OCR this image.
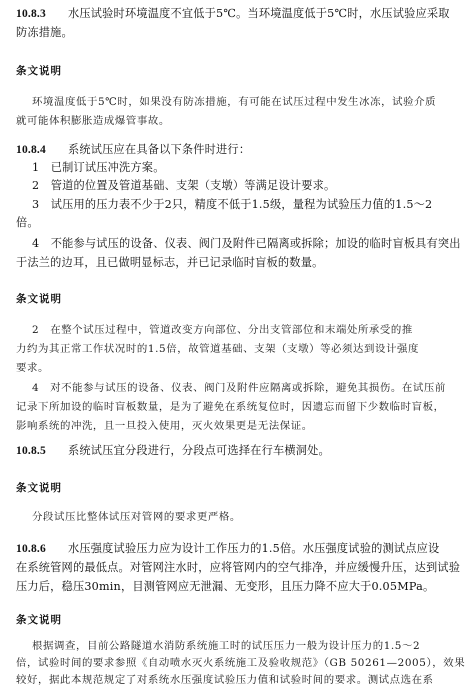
10.8.3 水压试验时环境温度不宜低于5℃。当环境温度低于5℃时，水压试验应采取
防冻措施。
条文说明
环境温度低于5℃时，如果没有防冻措施，有可能在试压过程中发生冰冻，试验介质
就可能体积膨胀造成爆管事故。
10.8.4 系统试压应在具备以下条件时进行：
1　已制订试压冲洗方案。
2　管道的位置及管道基础、支架（支墩）等满足设计要求。
3　试压用的压力表不少于2只，精度不低于1.5级，量程为试验压力值的1.5～2
倍。
4　不能参与试压的设备、仪表、阀门及附件已隔离或拆除；加设的临时盲板具有突出
于法兰的边耳，且已做明显标志，并已记录临时盲板的数量。
条文说明
2　在整个试压过程中，管道改变方向部位、分出支管部位和末端处所承受的推
力约为其正常工作状况时的1.5倍，故管道基础、支架（支墩）等必须达到设计强度
要求。
4　对不能参与试压的设备、仪表、阀门及附件应隔离或拆除，避免其损伤。在试压前
记录下所加设的临时盲板数量，是为了避免在系统复位时，因遗忘而留下少数临时盲板，
影响系统的冲洗，且一旦投入使用，灭火效果更是无法保证。
10.8.5 系统试压宜分段进行，分段点可选择在行车横洞处。
条文说明
分段试压比整体试压对管网的要求更严格。
10.8.6 水压强度试验压力应为设计工作压力的1.5倍。水压强度试验的测试点应设
在系统管网的最低点。对管网注水时，应将管网内的空气排净，并应缓慢升压，达到试验
压力后，稳压30min，目测管网应无泄漏、无变形，且压力降不应大于0.05MPa。
条文说明
根据调查，目前公路隧道水消防系统施工时的试压压力一般为设计压力的1.5～2
倍，试验时间的要求参照《自动喷水灭火系统施工及验收规范》（GB 50261—2005），效果
较好，据此本规范规定了对系统水压强度试验压力值和试验时间的要求。测试点选在系
